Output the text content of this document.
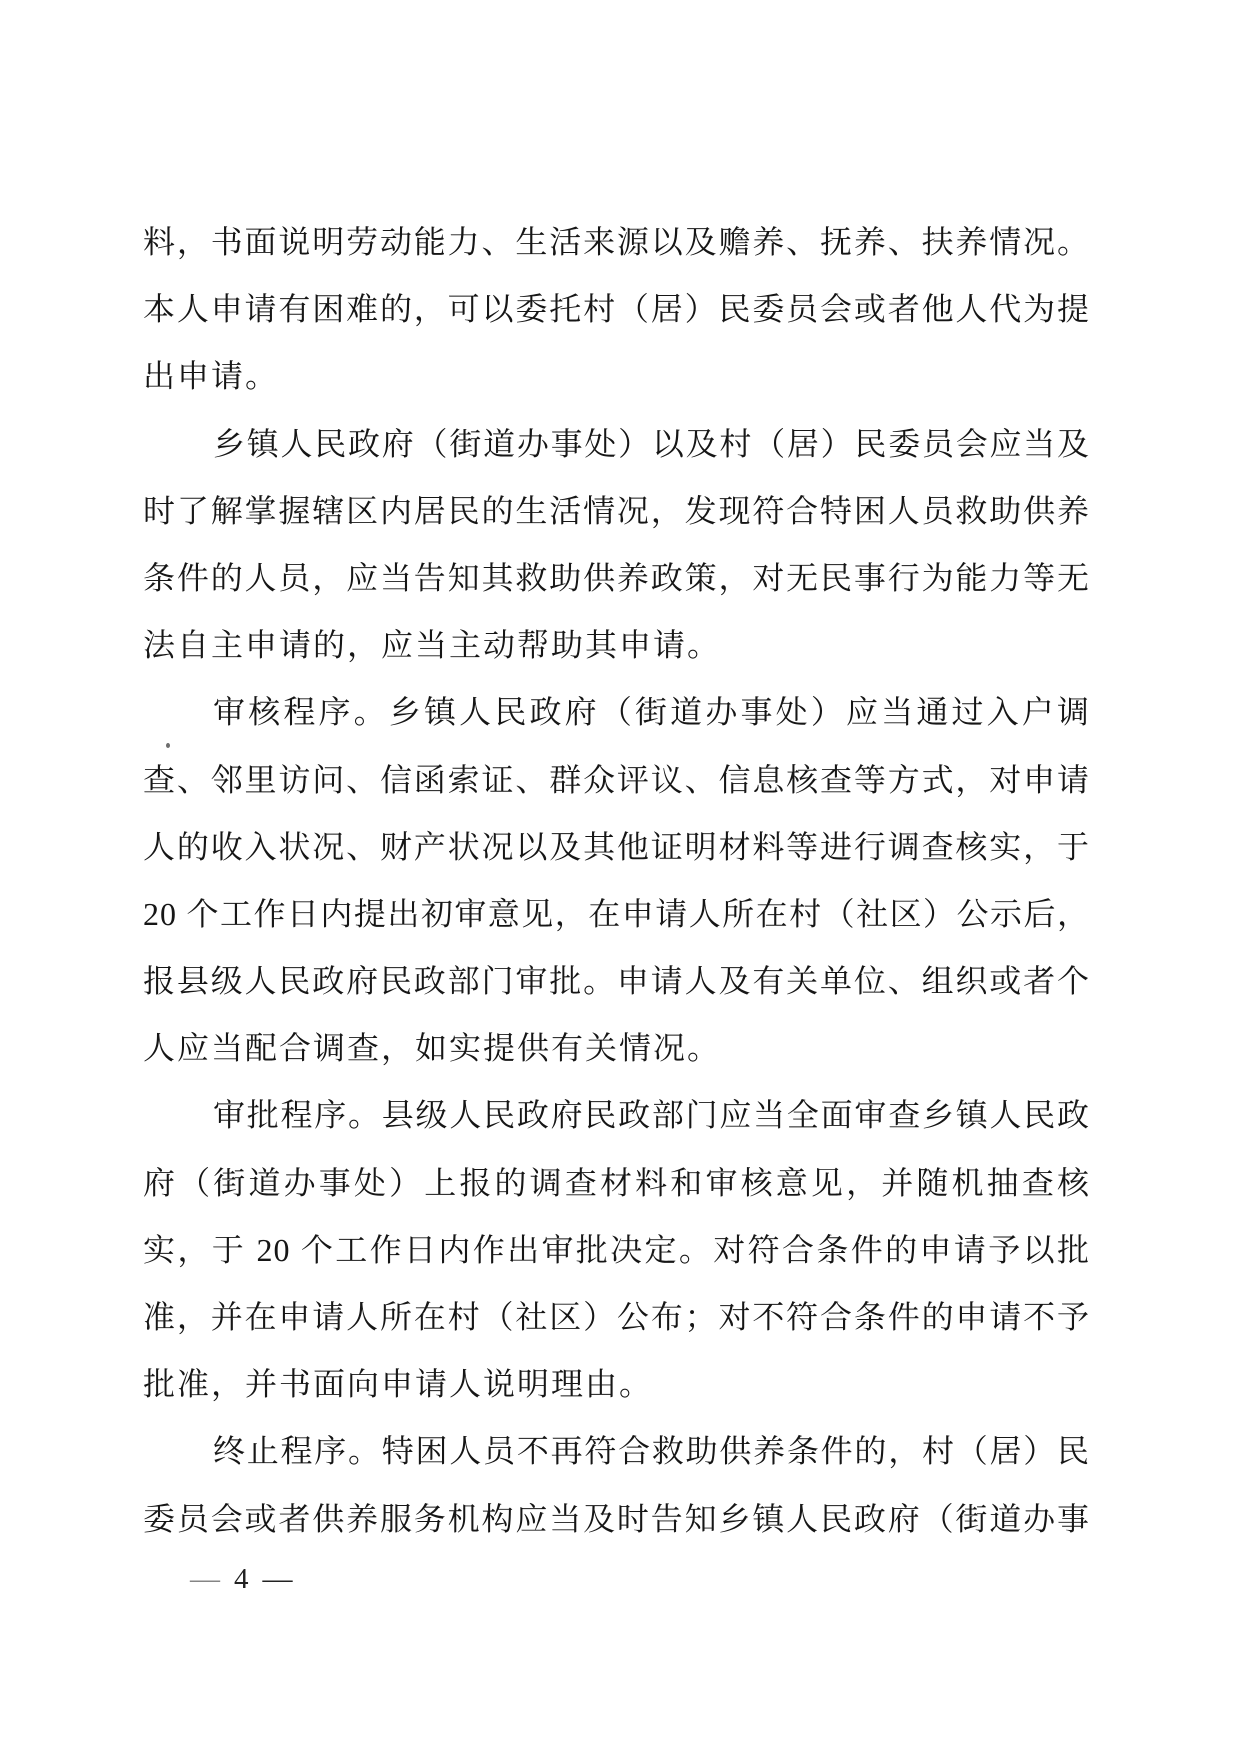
料，书面说明劳动能力、生活来源以及赡养、抚养、扶养情况。
本人申请有困难的，可以委托村（居）民委员会或者他人代为提
出申请。
乡镇人民政府（街道办事处）以及村（居）民委员会应当及
时了解掌握辖区内居民的生活情况，发现符合特困人员救助供养
条件的人员，应当告知其救助供养政策，对无民事行为能力等无
法自主申请的，应当主动帮助其申请。
审核程序。乡镇人民政府（街道办事处）应当通过入户调
查、邻里访问、信函索证、群众评议、信息核查等方式，对申请
人的收入状况、财产状况以及其他证明材料等进行调查核实，于
20 个工作日内提出初审意见，在申请人所在村（社区）公示后，
报县级人民政府民政部门审批。申请人及有关单位、组织或者个
人应当配合调查，如实提供有关情况。
审批程序。县级人民政府民政部门应当全面审查乡镇人民政
府（街道办事处）上报的调查材料和审核意见，并随机抽查核
实，于 20 个工作日内作出审批决定。对符合条件的申请予以批
准，并在申请人所在村（社区）公布；对不符合条件的申请不予
批准，并书面向申请人说明理由。
终止程序。特困人员不再符合救助供养条件的，村（居）民
委员会或者供养服务机构应当及时告知乡镇人民政府（街道办事
— 4 —
